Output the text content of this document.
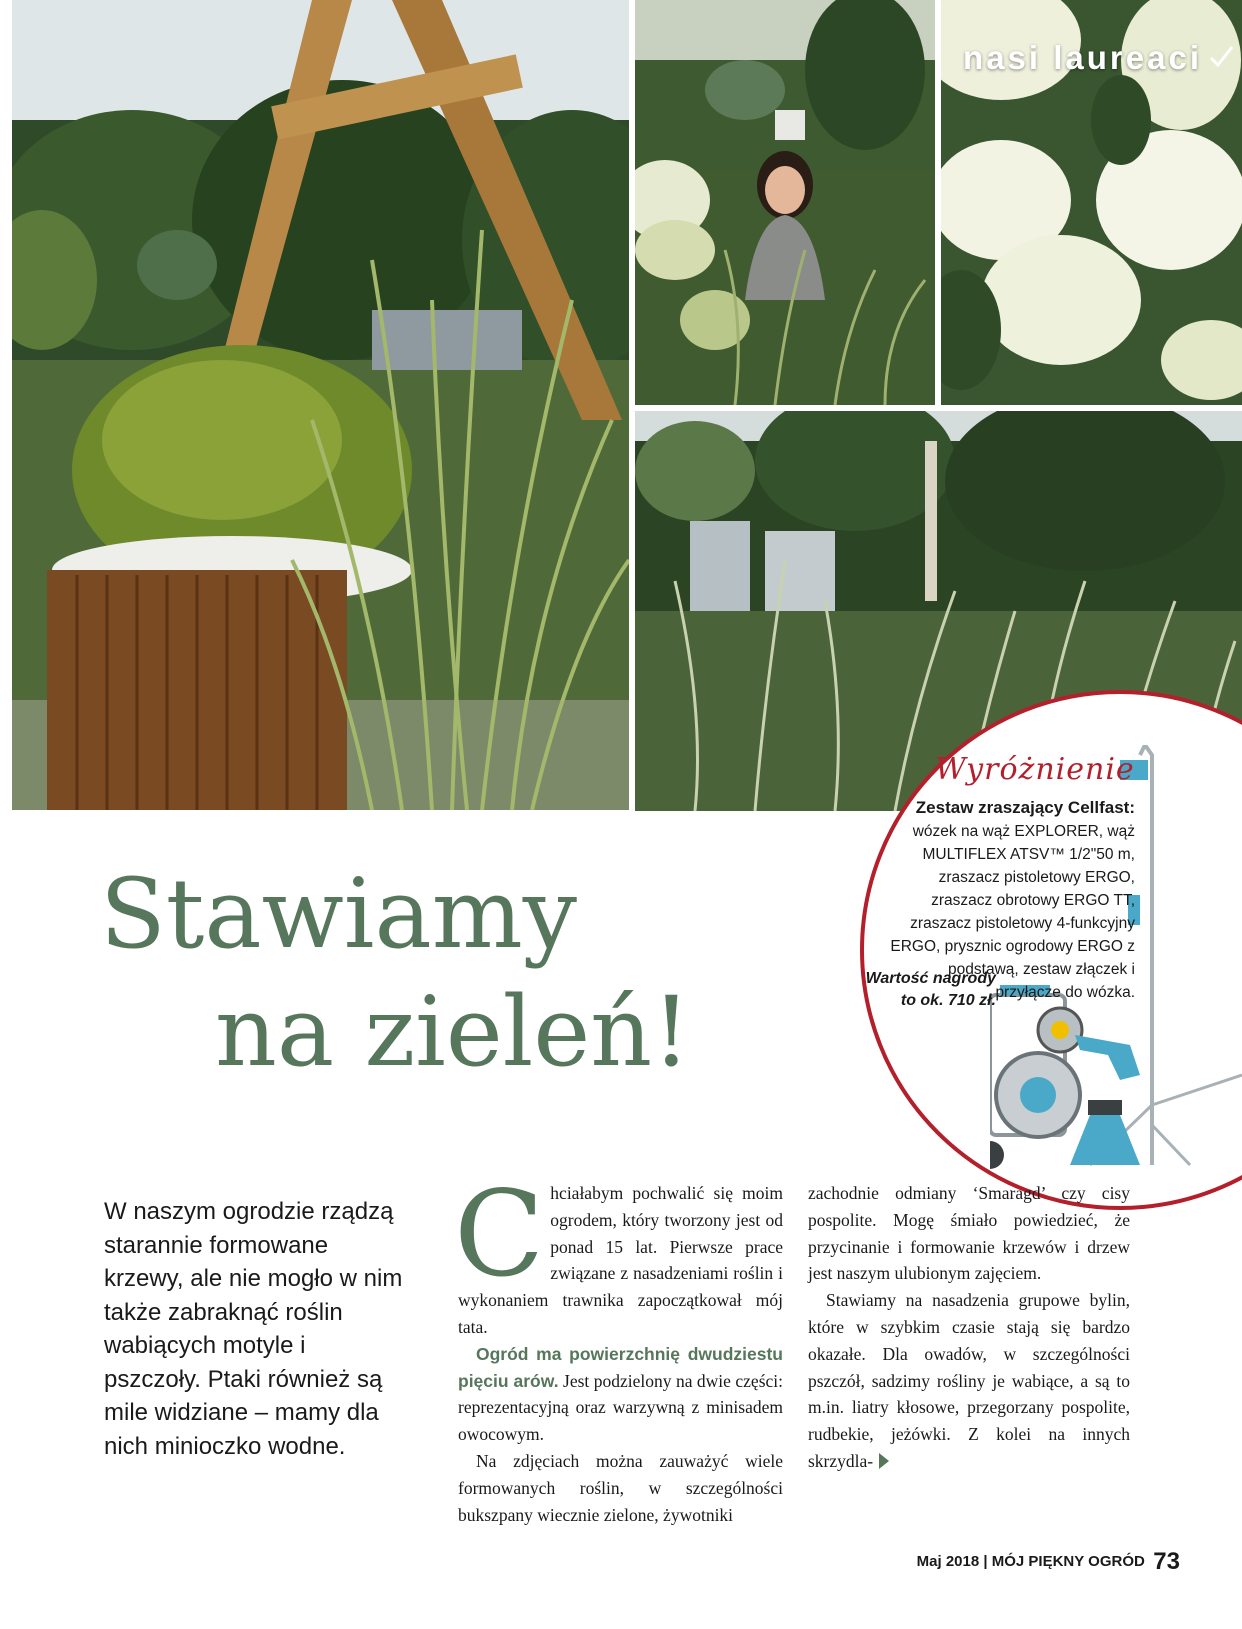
nasi laureaci
Wyróżnienie
Zestaw zraszający Cellfast:
wózek na wąż EXPLORER, wąż MULTIFLEX ATSV™ 1/2"50 m, zraszacz pistoletowy ERGO, zraszacz obrotowy ERGO TT, zraszacz pistoletowy 4-funkcyjny ERGO, prysznic ogrodowy ERGO z podstawą, zestaw złączek i przyłącze do wózka.
Wartość nagrody
to ok. 710 zł.
Stawiamy
na zieleń!

W naszym ogrodzie rządzą starannie formowane krzewy, ale nie mogło w nim także zabraknąć roślin wabiących motyle i pszczoły. Ptaki również są mile widziane – mamy dla nich minioczko wodne.

C hciałabym pochwalić się moim ogrodem, który tworzony jest od ponad 15 lat. Pierwsze prace związane z nasadzeniami roślin i wykonaniem trawnika zapoczątkował mój tata.

Ogród ma powierzchnię dwudziestu pięciu arów. Jest podzielony na dwie części: reprezentacyjną oraz warzywną z minisadem owocowym.

Na zdjęciach można zauważyć wiele formowanych roślin, w szczególności bukszpany wiecznie zielone, żywotniki

zachodnie odmiany ‘Smaragd’ czy cisy pospolite. Mogę śmiało powiedzieć, że przycinanie i formowanie krzewów i drzew jest naszym ulubionym zajęciem.

Stawiamy na nasadzenia grupowe bylin, które w szybkim czasie stają się bardzo okazałe. Dla owadów, w szczególności pszczół, sadzimy rośliny je wabiące, a są to m.in. liatry kłosowe, przegorzany pospolite, rudbekie, jeżówki. Z kolei na innych skrzydla-

Maj 2018 | MÓJ PIĘKNY OGRÓD 73
